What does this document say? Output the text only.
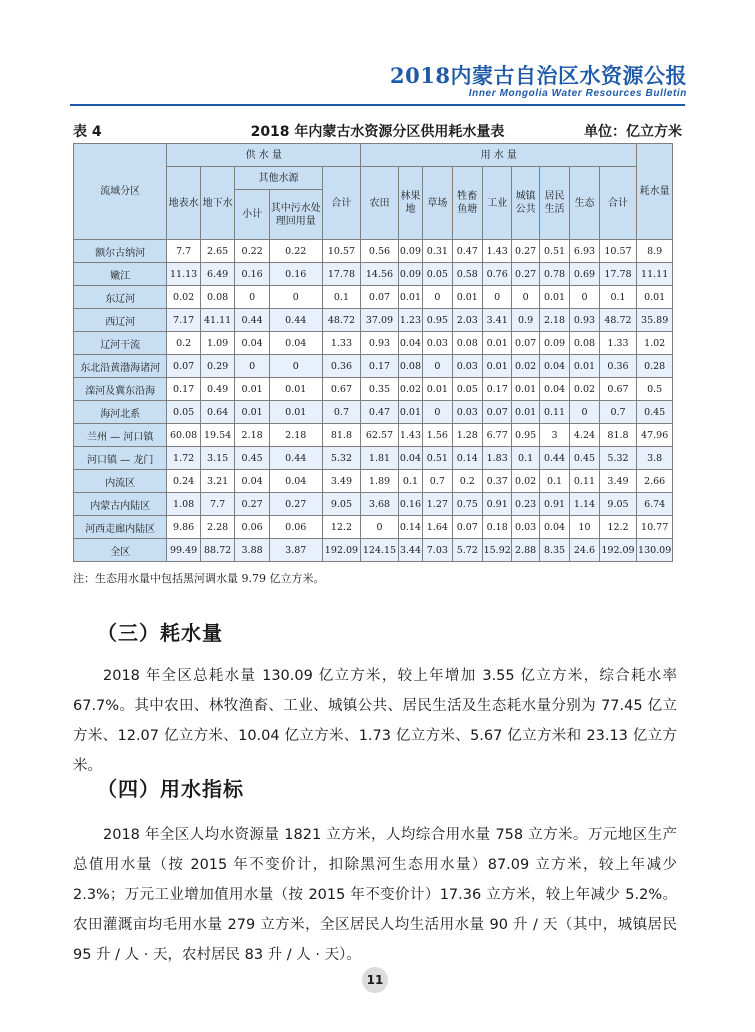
2018内蒙古自治区水资源公报
Inner Mongolia Water Resources Bulletin
表 4	2018 年内蒙古水资源分区供用耗水量表	单位：亿立方米
流域分区	供 水 量					用 水 量									耗水量
	地表水	地下水	其他水源		合计	农田	林果地	草场	牲畜鱼塘	工业	城镇公共	居民生活	生态	合计	
			小计	其中污水处理回用量											
额尔古纳河	7.7	2.65	0.22	0.22	10.57	0.56	0.09	0.31	0.47	1.43	0.27	0.51	6.93	10.57	8.9
嫩江	11.13	6.49	0.16	0.16	17.78	14.56	0.09	0.05	0.58	0.76	0.27	0.78	0.69	17.78	11.11
东辽河	0.02	0.08	0	0	0.1	0.07	0.01	0	0.01	0	0	0.01	0	0.1	0.01
西辽河	7.17	41.11	0.44	0.44	48.72	37.09	1.23	0.95	2.03	3.41	0.9	2.18	0.93	48.72	35.89
辽河干流	0.2	1.09	0.04	0.04	1.33	0.93	0.04	0.03	0.08	0.01	0.07	0.09	0.08	1.33	1.02
东北沿黄渤海诸河	0.07	0.29	0	0	0.36	0.17	0.08	0	0.03	0.01	0.02	0.04	0.01	0.36	0.28
滦河及冀东沿海	0.17	0.49	0.01	0.01	0.67	0.35	0.02	0.01	0.05	0.17	0.01	0.04	0.02	0.67	0.5
海河北系	0.05	0.64	0.01	0.01	0.7	0.47	0.01	0	0.03	0.07	0.01	0.11	0	0.7	0.45
兰州 — 河口镇	60.08	19.54	2.18	2.18	81.8	62.57	1.43	1.56	1.28	6.77	0.95	3	4.24	81.8	47.96
河口镇 — 龙门	1.72	3.15	0.45	0.44	5.32	1.81	0.04	0.51	0.14	1.83	0.1	0.44	0.45	5.32	3.8
内流区	0.24	3.21	0.04	0.04	3.49	1.89	0.1	0.7	0.2	0.37	0.02	0.1	0.11	3.49	2.66
内蒙古内陆区	1.08	7.7	0.27	0.27	9.05	3.68	0.16	1.27	0.75	0.91	0.23	0.91	1.14	9.05	6.74
河西走廊内陆区	9.86	2.28	0.06	0.06	12.2	0	0.14	1.64	0.07	0.18	0.03	0.04	10	12.2	10.77
全区	99.49	88.72	3.88	3.87	192.09	124.15	3.44	7.03	5.72	15.92	2.88	8.35	24.6	192.09	130.09
注：生态用水量中包括黑河调水量 9.79 亿立方米。
（三）耗水量
2018 年全区总耗水量 130.09 亿立方米，较上年增加 3.55 亿立方米，综合耗水率 67.7%。其中农田、林牧渔畜、工业、城镇公共、居民生活及生态耗水量分别为 77.45 亿立方米、12.07 亿立方米、10.04 亿立方米、1.73 亿立方米、5.67 亿立方米和 23.13 亿立方米。
（四）用水指标
2018 年全区人均水资源量 1821 立方米，人均综合用水量 758 立方米。万元地区生产总值用水量（按 2015 年不变价计，扣除黑河生态用水量）87.09 立方米，较上年减少 2.3%；万元工业增加值用水量（按 2015 年不变价计）17.36 立方米，较上年减少 5.2%。农田灌溉亩均毛用水量 279 立方米，全区居民人均生活用水量 90 升 / 天（其中，城镇居民 95 升 / 人 · 天，农村居民 83 升 / 人 · 天）。
11
